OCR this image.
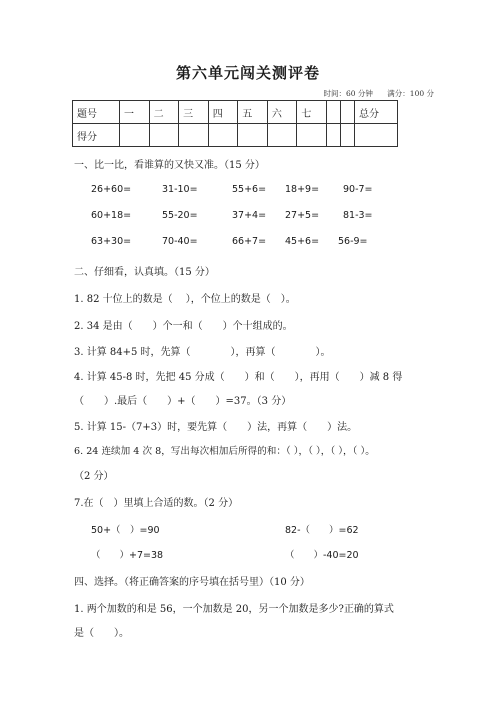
第六单元闯关测评卷
时间：60 分钟 满分：100 分
题号	一	二	三	四	五	六	七			总分
得分										
一、比一比，看谁算的又快又准。（15 分）
26+60=	31-10=	55+6= 18+9=	90-7=
60+18=	55-20=	37+4= 27+5=	81-3=
63+30=	70-40=	66+7= 45+6= 56-9=
二、仔细看，认真填。（15 分）
1. 82 十位上的数是（　 ），个位上的数是（　）。
2. 34 是由（　　）个一和（　　）个十组成的。
3. 计算 84+5 时，先算（　　　　），再算（　　　　）。
4. 计算 45-8 时，先把 45 分成（　　）和（　　），再用（　　）减 8 得
（　　）.最后（　　）+（　　）=37。（3 分）
5. 计算 15-（7+3）时，要先算（　　）法，再算（　　）法。
6. 24 连续加 4 次 8，写出每次相加后所得的和：（ ），（ ），（ ），（ ）。
（2 分）
7.在（　）里填上合适的数。（2 分）
50+（　）=90	82-（　　）=62
（　　）+7=38	（　　）-40=20
四、选择。（将正确答案的序号填在括号里）（10 分）
1. 两个加数的和是 56，一个加数是 20，另一个加数是多少?正确的算式
是（　　）。
